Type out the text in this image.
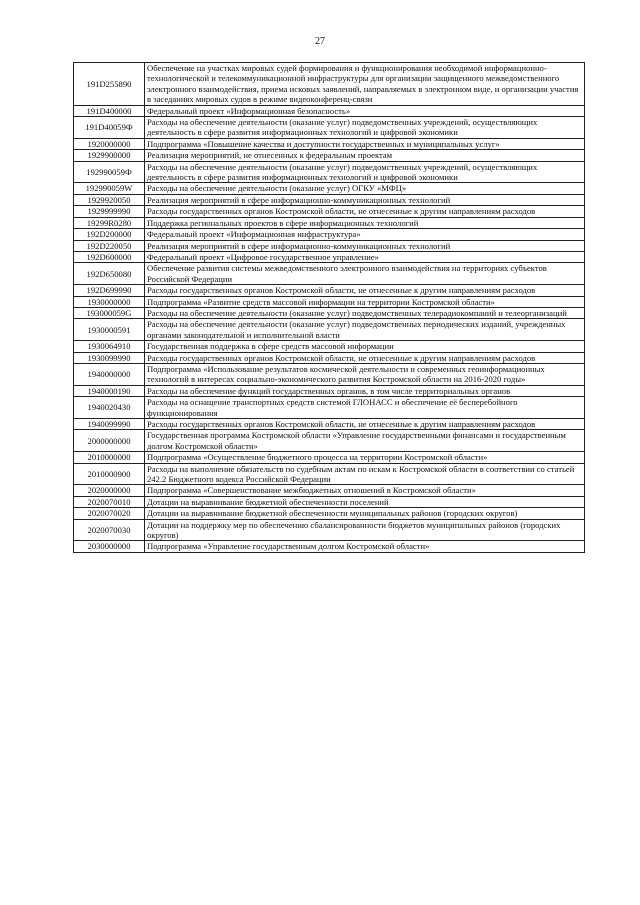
27
191D255890	Обеспечение на участках мировых судей формирования и функционирования необходимой информационно-технологической и телекоммуникационной инфраструктуры для организации защищенного межведомственного электронного взаимодействия, приема исковых заявлений, направляемых в электронном виде, и организации участия в заседаниях мировых судов в режиме видеоконференц-связи
191D400000	Федеральный проект «Информационная безопасность»
191D40059Ф	Расходы на обеспечение деятельности (оказание услуг) подведомственных учреждений, осуществляющих деятельность в сфере развития информационных технологий и цифровой экономики
1920000000	Подпрограмма «Повышение качества и доступности государственных и муниципальных услуг»
1929900000	Реализация мероприятий, не отнесенных к федеральным проектам
192990059Ф	Расходы на обеспечение деятельности (оказание услуг) подведомственных учреждений, осуществляющих деятельность в сфере развития информационных технологий и цифровой экономики
192990059W	Расходы на обеспечение деятельности (оказание услуг) ОГКУ «МФЦ»
1929920050	Реализация мероприятий в сфере информационно-коммуникационных технологий
1929999990	Расходы государственных органов Костромской области, не отнесенные к другим направлениям расходов
19299R0280	Поддержка региональных проектов в сфере информационных технологий
192D200000	Федеральный проект «Информационная инфраструктура»
192D220050	Реализация мероприятий в сфере информационно-коммуникационных технологий
192D600000	Федеральный проект «Цифровое государственное управление»
192D650080	Обеспечение развития системы межведомственного электронного взаимодействия на территориях субъектов Российской Федерации
192D699990	Расходы государственных органов Костромской области, не отнесенные к другим направлениям расходов
1930000000	Подпрограмма «Развитие средств массовой информации на территории Костромской области»
193000059G	Расходы на обеспечение деятельности (оказание услуг) подведомственных телерадиокомпаний и телеорганизаций
1930000591	Расходы на обеспечение деятельности (оказание услуг) подведомственных периодических изданий, учрежденных органами законодательной и исполнительной власти
1930064910	Государственная поддержка в сфере средств массовой информации
1930099990	Расходы государственных органов Костромской области, не отнесенные к другим направлениям расходов
1940000000	Подпрограмма «Использование результатов космической деятельности и современных геоинформационных технологий в интересах социально-экономического развития Костромской области на 2016-2020 годы»
1940000190	Расходы на обеспечение функций государственных органов, в том числе территориальных органов
1940020430	Расходы на оснащение транспортных средств системой ГЛОНАСС и обеспечение её бесперебойного функционирования
1940099990	Расходы государственных органов Костромской области, не отнесенные к другим направлениям расходов
2000000000	Государственная программа Костромской области «Управление государственными финансами и государственным долгом Костромской области»
2010000000	Подпрограмма «Осуществление бюджетного процесса на территории Костромской области»
2010000900	Расходы на выполнение обязательств по судебным актам по искам к Костромской области в соответствии со статьей 242.2 Бюджетного кодекса Российской Федерации
2020000000	Подпрограмма «Совершенствование межбюджетных отношений в Костромской области»
2020070010	Дотации на выравнивание бюджетной обеспеченности поселений
2020070020	Дотации на выравнивание бюджетной обеспеченности муниципальных районов (городских округов)
2020070030	Дотации на поддержку мер по обеспечению сбалансированности бюджетов муниципальных районов (городских округов)
2030000000	Подпрограмма «Управление государственным долгом Костромской области»
